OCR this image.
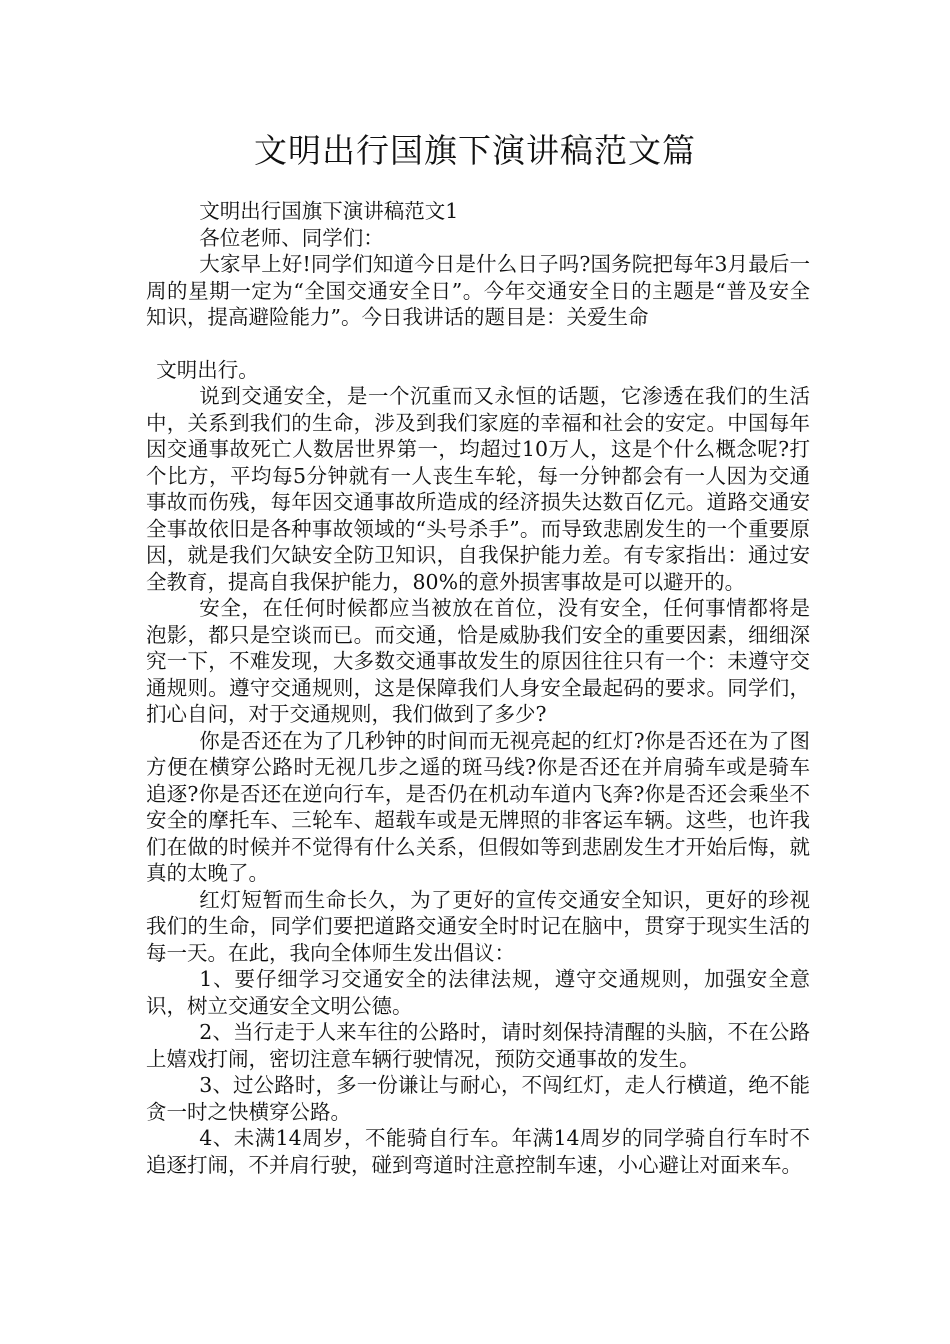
文明出行国旗下演讲稿范文篇

文明出行国旗下演讲稿范文1

各位老师、同学们：

大家早上好!同学们知道今日是什么日子吗?国务院把每年3月最后一周的星期一定为“全国交通安全日”。今年交通安全日的主题是“普及安全知识，提高避险能力”。今日我讲话的题目是：关爱生命

文明出行。

说到交通安全，是一个沉重而又永恒的话题，它渗透在我们的生活中，关系到我们的生命，涉及到我们家庭的幸福和社会的安定。中国每年因交通事故死亡人数居世界第一，均超过10万人，这是个什么概念呢?打个比方，平均每5分钟就有一人丧生车轮，每一分钟都会有一人因为交通事故而伤残，每年因交通事故所造成的经济损失达数百亿元。道路交通安全事故依旧是各种事故领域的“头号杀手”。而导致悲剧发生的一个重要原因，就是我们欠缺安全防卫知识，自我保护能力差。有专家指出：通过安全教育，提高自我保护能力，80%的意外损害事故是可以避开的。

安全，在任何时候都应当被放在首位，没有安全，任何事情都将是泡影，都只是空谈而已。而交通，恰是威胁我们安全的重要因素，细细深究一下，不难发现，大多数交通事故发生的原因往往只有一个：未遵守交通规则。遵守交通规则，这是保障我们人身安全最起码的要求。同学们，扪心自问，对于交通规则，我们做到了多少?

你是否还在为了几秒钟的时间而无视亮起的红灯?你是否还在为了图方便在横穿公路时无视几步之遥的斑马线?你是否还在并肩骑车或是骑车追逐?你是否还在逆向行车，是否仍在机动车道内飞奔?你是否还会乘坐不安全的摩托车、三轮车、超载车或是无牌照的非客运车辆。这些，也许我们在做的时候并不觉得有什么关系，但假如等到悲剧发生才开始后悔，就真的太晚了。

红灯短暂而生命长久，为了更好的宣传交通安全知识，更好的珍视我们的生命，同学们要把道路交通安全时时记在脑中，贯穿于现实生活的每一天。在此，我向全体师生发出倡议：

1、要仔细学习交通安全的法律法规，遵守交通规则，加强安全意识，树立交通安全文明公德。

2、当行走于人来车往的公路时，请时刻保持清醒的头脑，不在公路上嬉戏打闹，密切注意车辆行驶情况，预防交通事故的发生。

3、过公路时，多一份谦让与耐心，不闯红灯，走人行横道，绝不能贪一时之快横穿公路。

4、未满14周岁，不能骑自行车。年满14周岁的同学骑自行车时不追逐打闹，不并肩行驶，碰到弯道时注意控制车速，小心避让对面来车。
